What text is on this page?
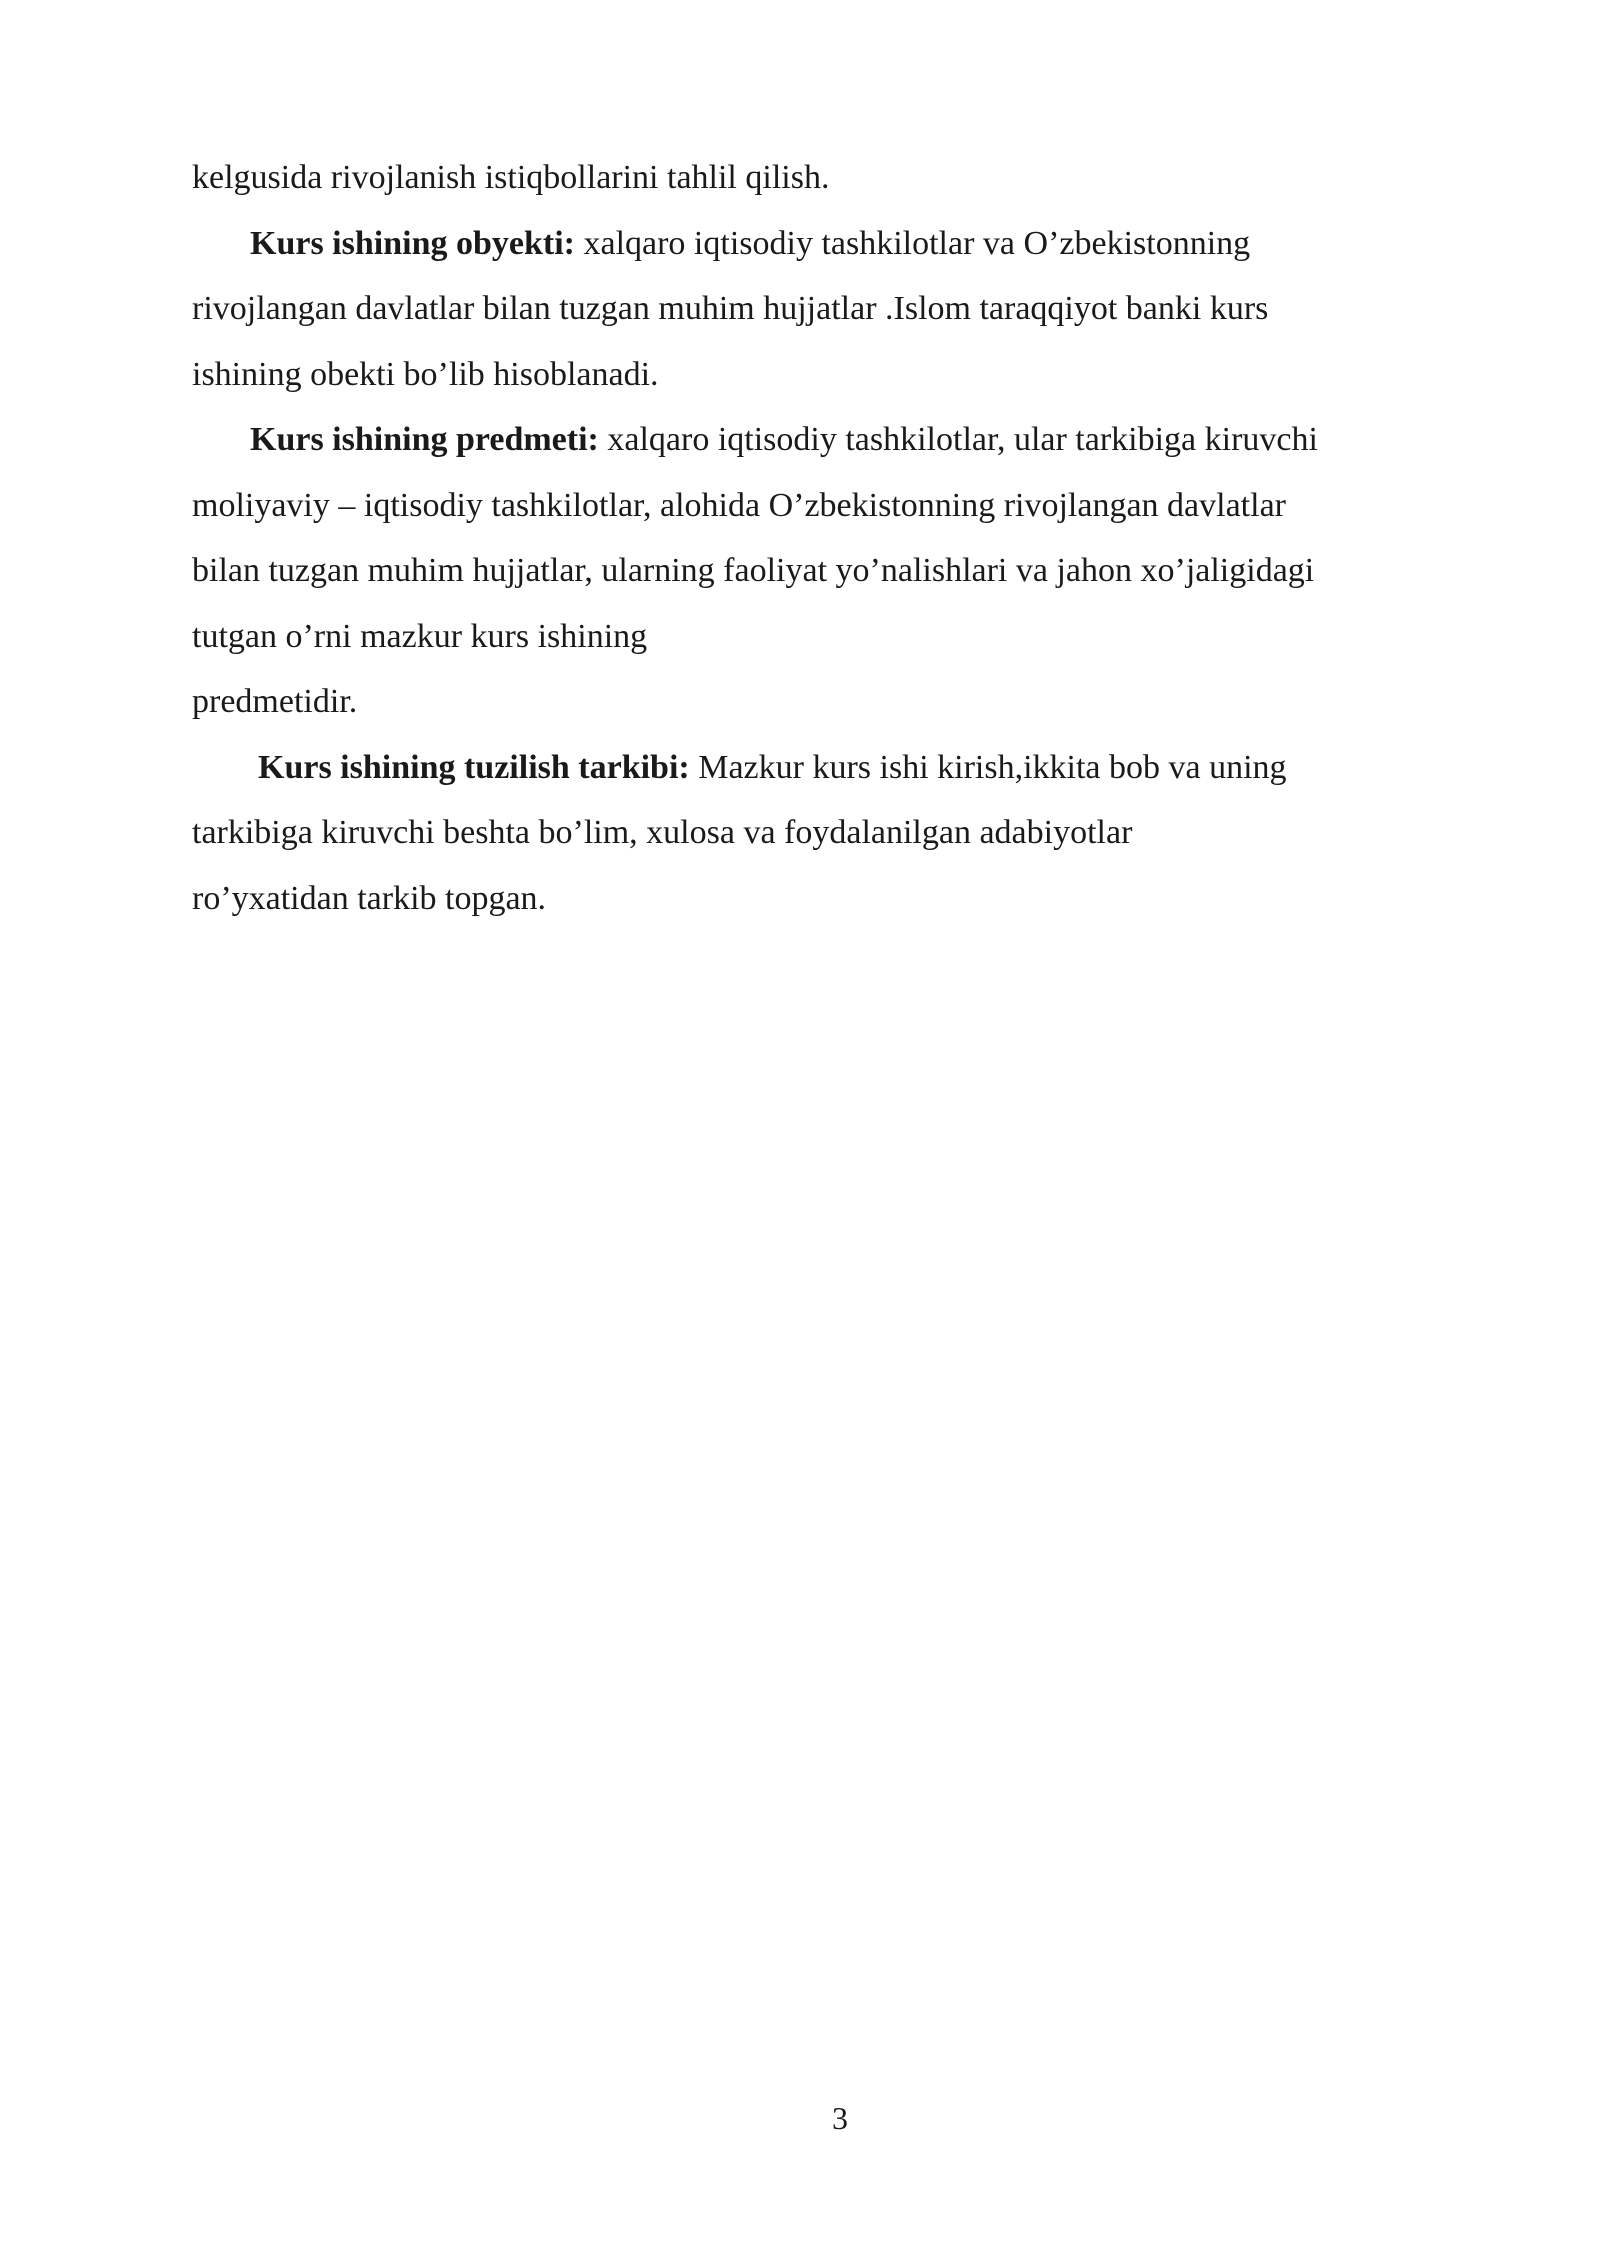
kelgusida rivojlanish istiqbollarini tahlil qilish.
Kurs ishining obyekti: xalqaro iqtisodiy tashkilotlar va O’zbekistonning
rivojlangan davlatlar bilan tuzgan muhim hujjatlar .Islom taraqqiyot banki kurs
ishining obekti bo’lib hisoblanadi.
Kurs ishining predmeti: xalqaro iqtisodiy tashkilotlar, ular tarkibiga kiruvchi
moliyaviy – iqtisodiy tashkilotlar, alohida O’zbekistonning rivojlangan davlatlar
bilan tuzgan muhim hujjatlar, ularning faoliyat yo’nalishlari va jahon xo’jaligidagi
tutgan o’rni mazkur kurs ishining
predmetidir.
Kurs ishining tuzilish tarkibi: Mazkur kurs ishi kirish,ikkita bob va uning
tarkibiga kiruvchi beshta bo’lim, xulosa va foydalanilgan adabiyotlar
ro’yxatidan tarkib topgan.
3
